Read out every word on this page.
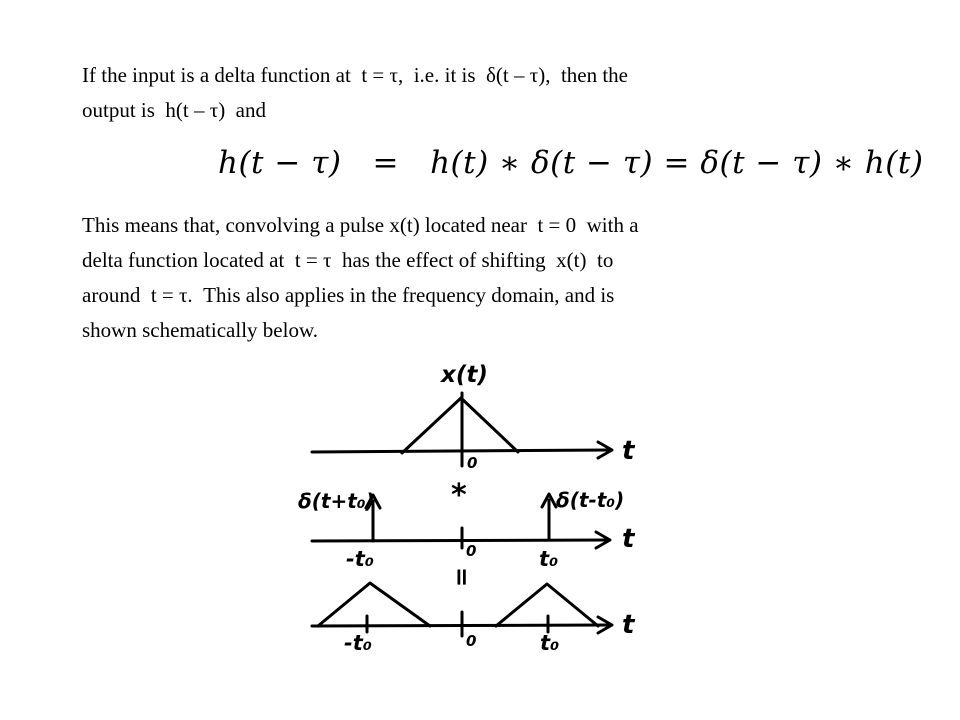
If the input is a delta function at  t = τ,  i.e. it is  δ(t – τ),  then the
output is  h(t – τ)  and
h(t − τ) = h(t) ∗ δ(t − τ) = δ(t − τ) ∗ h(t)
This means that, convolving a pulse x(t) located near  t = 0  with a
delta function located at  t = τ  has the effect of shifting  x(t)  to
around  t = τ.  This also applies in the frequency domain, and is
shown schematically below.
x(t)
t
0
*
δ(t+t₀)	δ(t-t₀)
t
-t₀	0	t₀
=
t
-t₀	0	t₀
